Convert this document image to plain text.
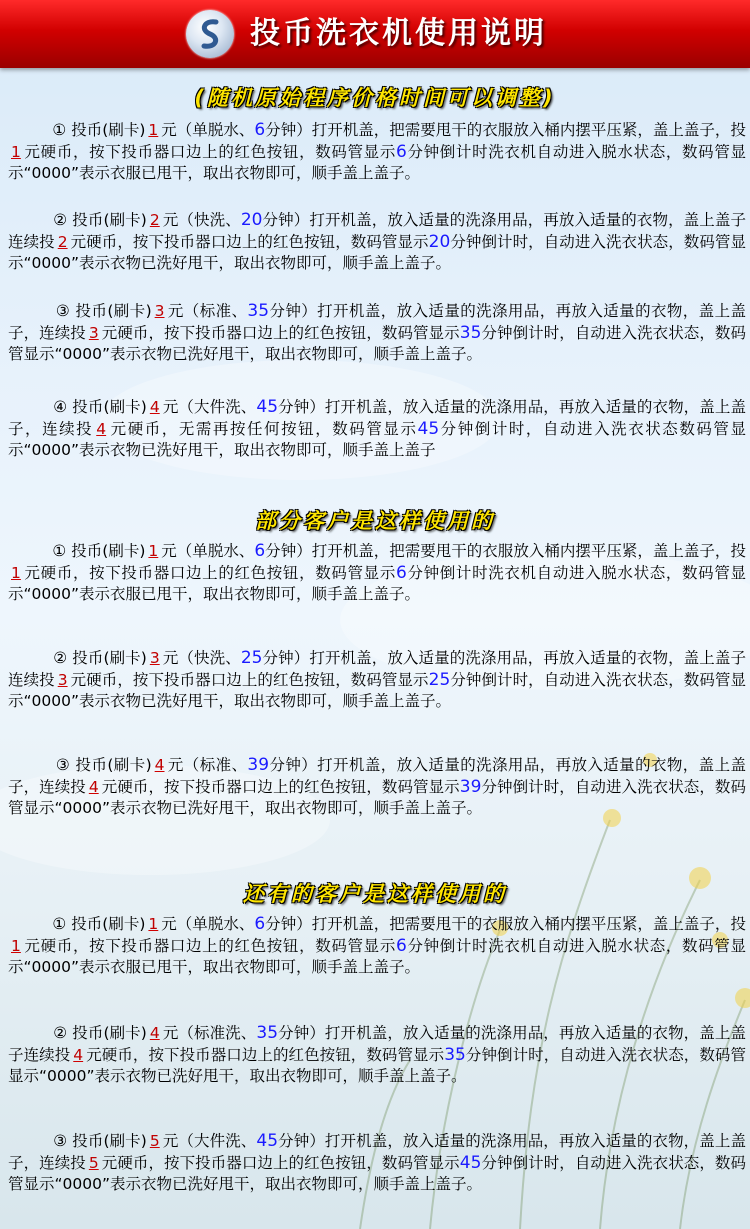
投币洗衣机使用说明
(随机原始程序价格时间可以调整)
① 投币(刷卡) 1 元（单脱水、6分钟）打开机盖，把需要甩干的衣服放入桶内摆平压紧，盖上盖子，投1 元硬币，按下投币器口边上的红色按钮，数码管显示6分钟倒计时洗衣机自动进入脱水状态，数码管显示“0000”表示衣服已甩干，取出衣物即可，顺手盖上盖子。
② 投币(刷卡) 2 元（快洗、20分钟）打开机盖，放入适量的洗涤用品，再放入适量的衣物，盖上盖子连续投 2 元硬币，按下投币器口边上的红色按钮，数码管显示20分钟倒计时，自动进入洗衣状态，数码管显示“0000”表示衣物已洗好甩干，取出衣物即可，顺手盖上盖子。
③ 投币(刷卡) 3 元（标准、35分钟）打开机盖，放入适量的洗涤用品，再放入适量的衣物，盖上盖子，连续投 3 元硬币，按下投币器口边上的红色按钮，数码管显示35分钟倒计时，自动进入洗衣状态，数码管显示“0000”表示衣物已洗好甩干，取出衣物即可，顺手盖上盖子。
④ 投币(刷卡) 4 元（大件洗、45分钟）打开机盖，放入适量的洗涤用品，再放入适量的衣物，盖上盖子，连续投 4 元硬币，无需再按任何按钮，数码管显示45分钟倒计时，自动进入洗衣状态数码管显示“0000”表示衣物已洗好甩干，取出衣物即可，顺手盖上盖子
部分客户是这样使用的
① 投币(刷卡) 1 元（单脱水、6分钟）打开机盖，把需要甩干的衣服放入桶内摆平压紧，盖上盖子，投1 元硬币，按下投币器口边上的红色按钮，数码管显示6分钟倒计时洗衣机自动进入脱水状态，数码管显示“0000”表示衣服已甩干，取出衣物即可，顺手盖上盖子。
② 投币(刷卡) 3 元（快洗、25分钟）打开机盖，放入适量的洗涤用品，再放入适量的衣物，盖上盖子连续投 3 元硬币，按下投币器口边上的红色按钮，数码管显示25分钟倒计时，自动进入洗衣状态，数码管显示“0000”表示衣物已洗好甩干，取出衣物即可，顺手盖上盖子。
③ 投币(刷卡) 4 元（标准、39分钟）打开机盖，放入适量的洗涤用品，再放入适量的衣物，盖上盖子，连续投 4 元硬币，按下投币器口边上的红色按钮，数码管显示39分钟倒计时，自动进入洗衣状态，数码管显示“0000”表示衣物已洗好甩干，取出衣物即可，顺手盖上盖子。
还有的客户是这样使用的
① 投币(刷卡) 1 元（单脱水、6分钟）打开机盖，把需要甩干的衣服放入桶内摆平压紧，盖上盖子，投1 元硬币，按下投币器口边上的红色按钮，数码管显示6分钟倒计时洗衣机自动进入脱水状态，数码管显示“0000”表示衣服已甩干，取出衣物即可，顺手盖上盖子。
② 投币(刷卡) 4 元（标准洗、35分钟）打开机盖，放入适量的洗涤用品，再放入适量的衣物，盖上盖子连续投 4 元硬币，按下投币器口边上的红色按钮，数码管显示35分钟倒计时，自动进入洗衣状态，数码管显示“0000”表示衣物已洗好甩干，取出衣物即可，顺手盖上盖子。
③ 投币(刷卡) 5 元（大件洗、45分钟）打开机盖，放入适量的洗涤用品，再放入适量的衣物，盖上盖子，连续投 5 元硬币，按下投币器口边上的红色按钮，数码管显示45分钟倒计时，自动进入洗衣状态，数码管显示“0000”表示衣物已洗好甩干，取出衣物即可，顺手盖上盖子。
